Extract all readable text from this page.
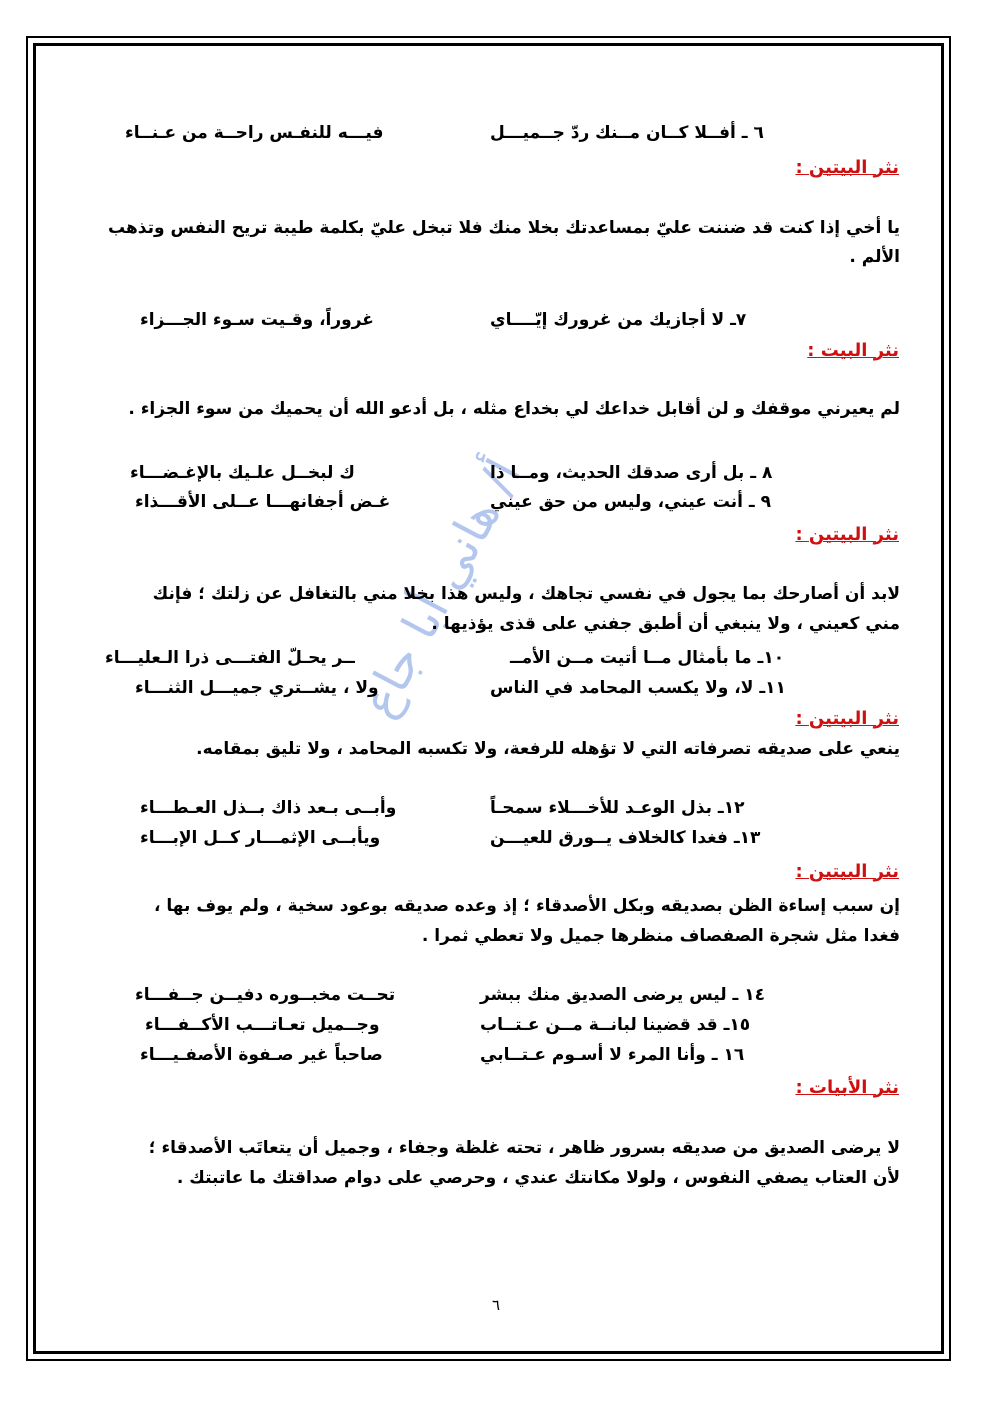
أ/ هاني أبا جاع
٦ ـ أفــلا كــان مــنك ردّ جــميـــل
فيـــه للنفـس راحــة من عـنــاء
نثر البيتين :
يا أخي إذا كنت قد ضننت عليّ بمساعدتك بخلا منك فلا تبخل عليّ بكلمة طيبة تريح النفس وتذهب
الألم .
٧ـ لا أجازيك من غرورك إيّــــاي
غروراً، وقـيت سـوء الجـــزاء
نثر البيت :
لم يعيرني موقفك و لن أقابل خداعك لي بخداع مثله ، بل أدعو الله أن يحميك من سوء الجزاء .
٨ ـ بل أرى صدقك الحديث، ومــا ذا
ك لبخــل علـيك بالإغـضـــاء
٩ ـ أنت عيني، وليس من حق عيني
غـض أجفانهـــا عــلى الأقـــذاء
نثر البيتين :
لابد أن أصارحك بما يجول في نفسي تجاهك ، وليس هذا بخلا مني بالتغافل عن زلتك ؛ فإنك
مني كعيني ، ولا ينبغي أن أطبق جفني على قذى يؤذيها .
١٠ـ ما بأمثال مــا أتيت مــن الأمــ
ــر يحـلّ الفتـــى ذرا الـعليـــاء
١١ـ لا، ولا يكسب المحامد في الناس
ولا ، يشــتري جميـــل الثنـــاء
نثر البيتين :
ينعي على صديقه تصرفاته التي لا تؤهله للرفعة، ولا تكسبه المحامد ، ولا تليق بمقامه.
١٢ـ بذل الوعـد للأخـــلاء سمحـاً
وأبــى بـعد ذاك بــذل العـطـــاء
١٣ـ فغدا كالخلاف يــورق للعيـــن
ويأبــى الإثمـــار كــل الإبـــاء
نثر البيتين :
إن سبب إساءة الظن بصديقه وبكل الأصدقاء ؛ إذ وعده صديقه بوعود سخية ، ولم يوف بها ،
فغدا مثل شجرة الصفصاف منظرها جميل ولا تعطي ثمرا .
١٤ ـ ليس يرضى الصديق منك ببشر
تحــت مخبــوره دفيــن جــفـــاء
١٥ـ قد قضينا لبانــة مــن عـتــاب
وجــميل تعـاتـــب الأكــفـــاء
١٦ ـ وأنا المرء لا أسـوم عـتــابي
صاحباً غير صـفوة الأصفـيـــاء
نثر الأبيات :
لا يرضى الصديق من صديقه بسرور ظاهر ، تحته غلظة وجفاء ، وجميل أن يتعاتَب الأصدقاء ؛
لأن العتاب يصفي النفوس ، ولولا مكانتك عندي ، وحرصي على دوام صداقتك ما عاتبتك .
٦
